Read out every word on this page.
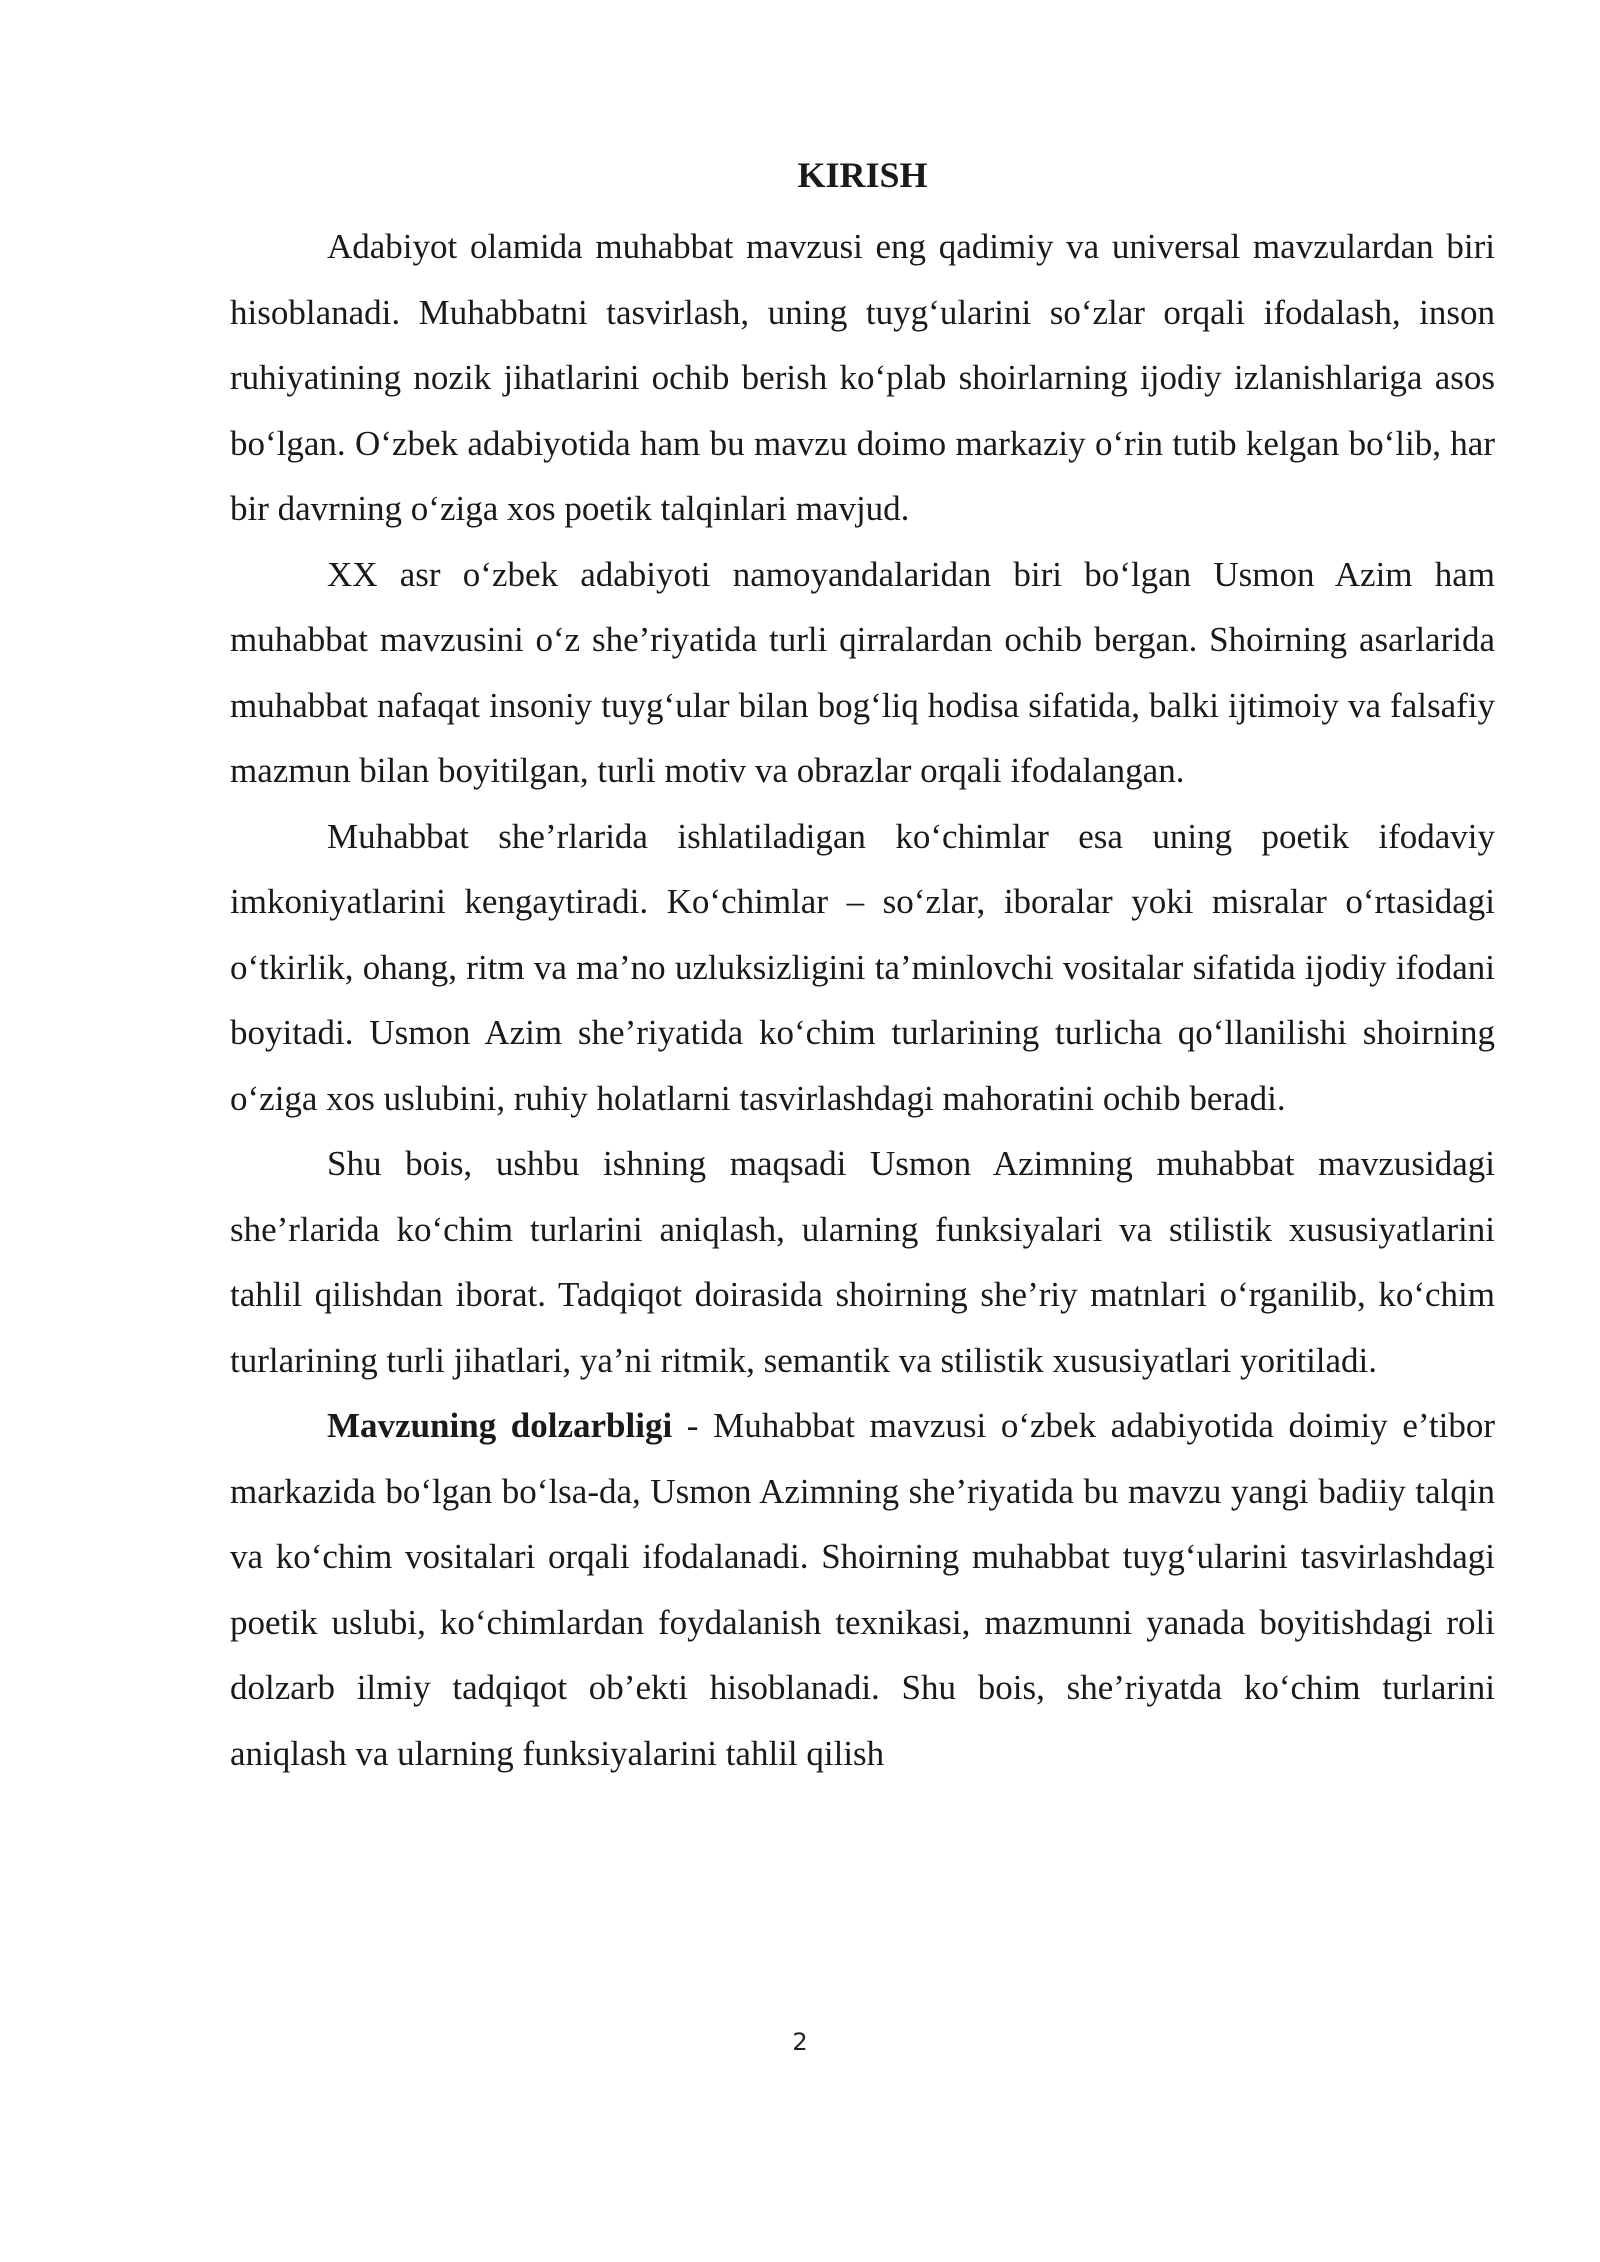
KIRISH

Adabiyot olamida muhabbat mavzusi eng qadimiy va universal mavzulardan biri hisoblanadi. Muhabbatni tasvirlash, uning tuyg‘ularini so‘zlar orqali ifodalash, inson ruhiyatining nozik jihatlarini ochib berish ko‘plab shoirlarning ijodiy izlanishlariga asos bo‘lgan. O‘zbek adabiyotida ham bu mavzu doimo markaziy o‘rin tutib kelgan bo‘lib, har bir davrning o‘ziga xos poetik talqinlari mavjud.

XX asr o‘zbek adabiyoti namoyandalaridan biri bo‘lgan Usmon Azim ham muhabbat mavzusini o‘z she’riyatida turli qirralardan ochib bergan. Shoirning asarlarida muhabbat nafaqat insoniy tuyg‘ular bilan bog‘liq hodisa sifatida, balki ijtimoiy va falsafiy mazmun bilan boyitilgan, turli motiv va obrazlar orqali ifodalangan.

Muhabbat she’rlarida ishlatiladigan ko‘chimlar esa uning poetik ifodaviy imkoniyatlarini kengaytiradi. Ko‘chimlar – so‘zlar, iboralar yoki misralar o‘rtasidagi o‘tkirlik, ohang, ritm va ma’no uzluksizligini ta’minlovchi vositalar sifatida ijodiy ifodani boyitadi. Usmon Azim she’riyatida ko‘chim turlarining turlicha qo‘llanilishi shoirning o‘ziga xos uslubini, ruhiy holatlarni tasvirlashdagi mahoratini ochib beradi.

Shu bois, ushbu ishning maqsadi Usmon Azimning muhabbat mavzusidagi she’rlarida ko‘chim turlarini aniqlash, ularning funksiyalari va stilistik xususiyatlarini tahlil qilishdan iborat. Tadqiqot doirasida shoirning she’riy matnlari o‘rganilib, ko‘chim turlarining turli jihatlari, ya’ni ritmik, semantik va stilistik xususiyatlari yoritiladi.

Mavzuning dolzarbligi - Muhabbat mavzusi o‘zbek adabiyotida doimiy e’tibor markazida bo‘lgan bo‘lsa-da, Usmon Azimning she’riyatida bu mavzu yangi badiiy talqin va ko‘chim vositalari orqali ifodalanadi. Shoirning muhabbat tuyg‘ularini tasvirlashdagi poetik uslubi, ko‘chimlardan foydalanish texnikasi, mazmunni yanada boyitishdagi roli dolzarb ilmiy tadqiqot ob’ekti hisoblanadi. Shu bois, she’riyatda ko‘chim turlarini aniqlash va ularning funksiyalarini tahlil qilish

2
